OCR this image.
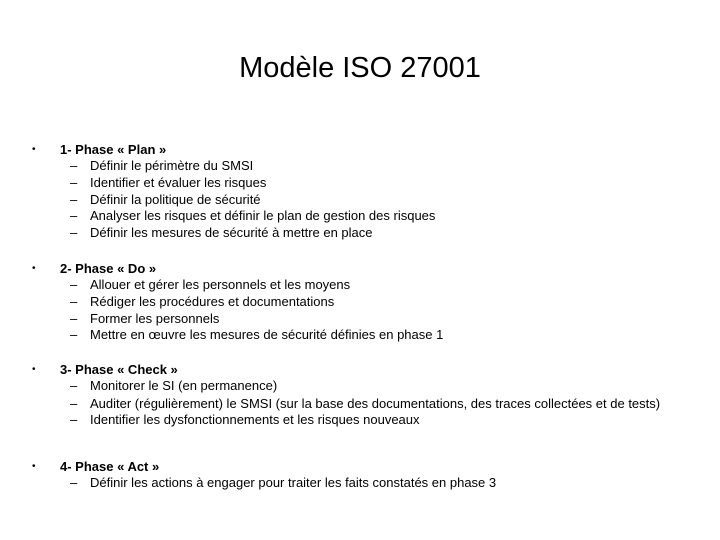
Modèle ISO 27001
• 1- Phase « Plan »
– Définir le périmètre du SMSI
– Identifier et évaluer les risques
– Définir la politique de sécurité
– Analyser les risques et définir le plan de gestion des risques
– Définir les mesures de sécurité à mettre en place
• 2- Phase « Do »
– Allouer et gérer les personnels et les moyens
– Rédiger les procédures et documentations
– Former les personnels
– Mettre en œuvre les mesures de sécurité définies en phase 1
• 3- Phase « Check »
– Monitorer le SI (en permanence)
– Auditer (régulièrement) le SMSI (sur la base des documentations, des traces collectées et de tests)
– Identifier les dysfonctionnements et les risques nouveaux
• 4- Phase « Act »
– Définir les actions à engager pour traiter les faits constatés en phase 3
